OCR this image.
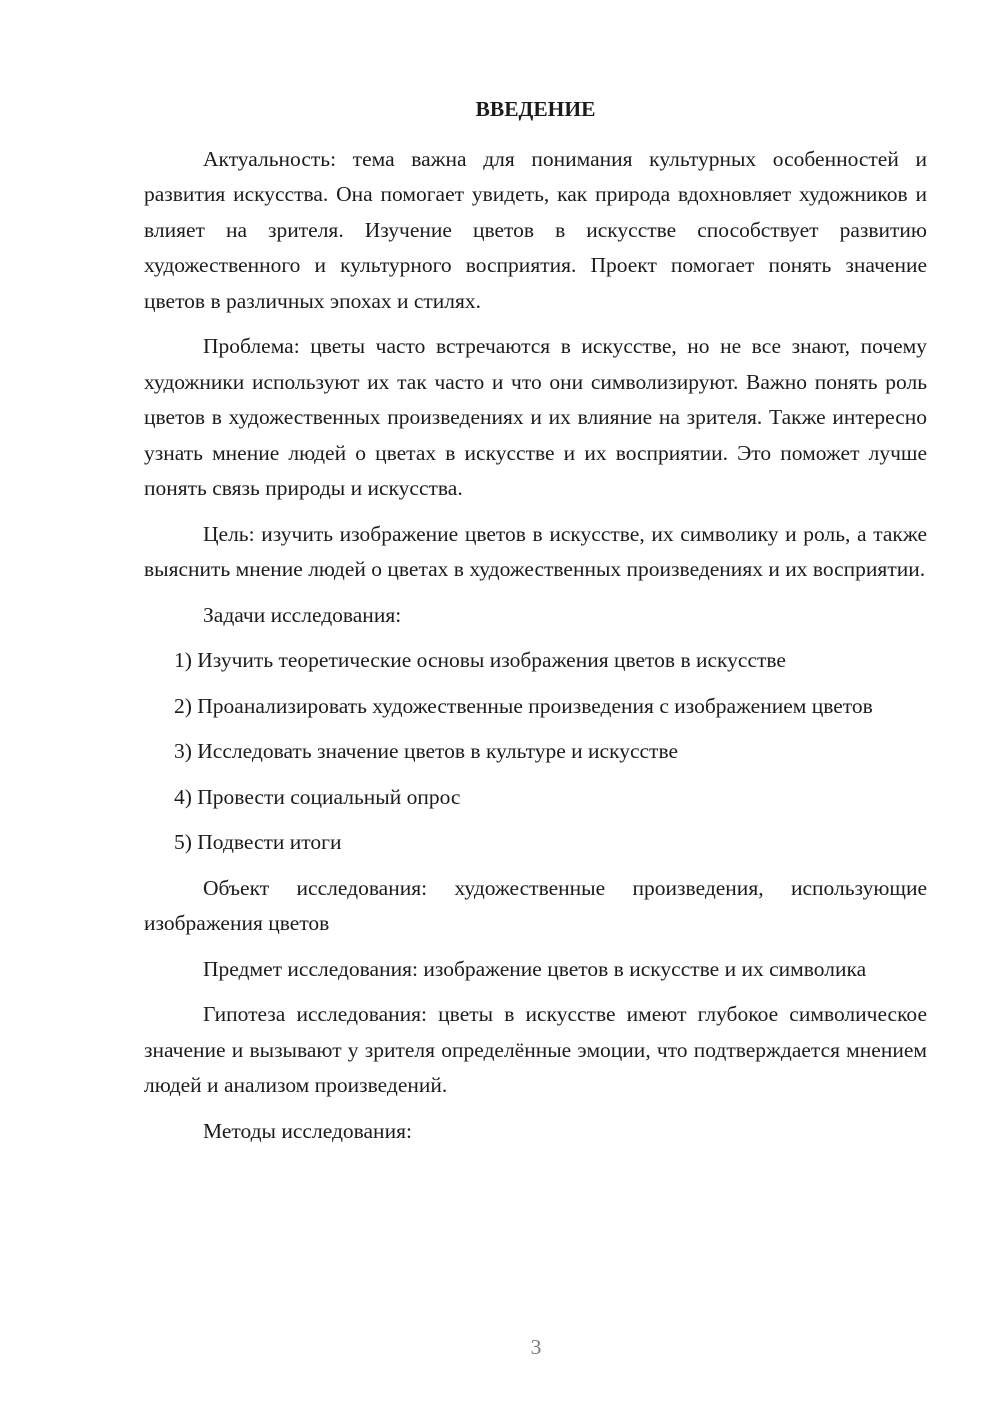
ВВЕДЕНИЕ

Актуальность: тема важна для понимания культурных особенностей и развития искусства. Она помогает увидеть, как природа вдохновляет художников и влияет на зрителя. Изучение цветов в искусстве способствует развитию художественного и культурного восприятия. Проект помогает понять значение цветов в различных эпохах и стилях.

Проблема: цветы часто встречаются в искусстве, но не все знают, почему художники используют их так часто и что они символизируют. Важно понять роль цветов в художественных произведениях и их влияние на зрителя. Также интересно узнать мнение людей о цветах в искусстве и их восприятии. Это поможет лучше понять связь природы и искусства.

Цель: изучить изображение цветов в искусстве, их символику и роль, а также выяснить мнение людей о цветах в художественных произведениях и их восприятии.

Задачи исследования:

1) Изучить теоретические основы изображения цветов в искусстве

2) Проанализировать художественные произведения с изображением цветов

3) Исследовать значение цветов в культуре и искусстве

4) Провести социальный опрос

5) Подвести итоги

Объект исследования: художественные произведения, использующие изображения цветов

Предмет исследования: изображение цветов в искусстве и их символика

Гипотеза исследования: цветы в искусстве имеют глубокое символическое значение и вызывают у зрителя определённые эмоции, что подтверждается мнением людей и анализом произведений.

Методы исследования:

3
